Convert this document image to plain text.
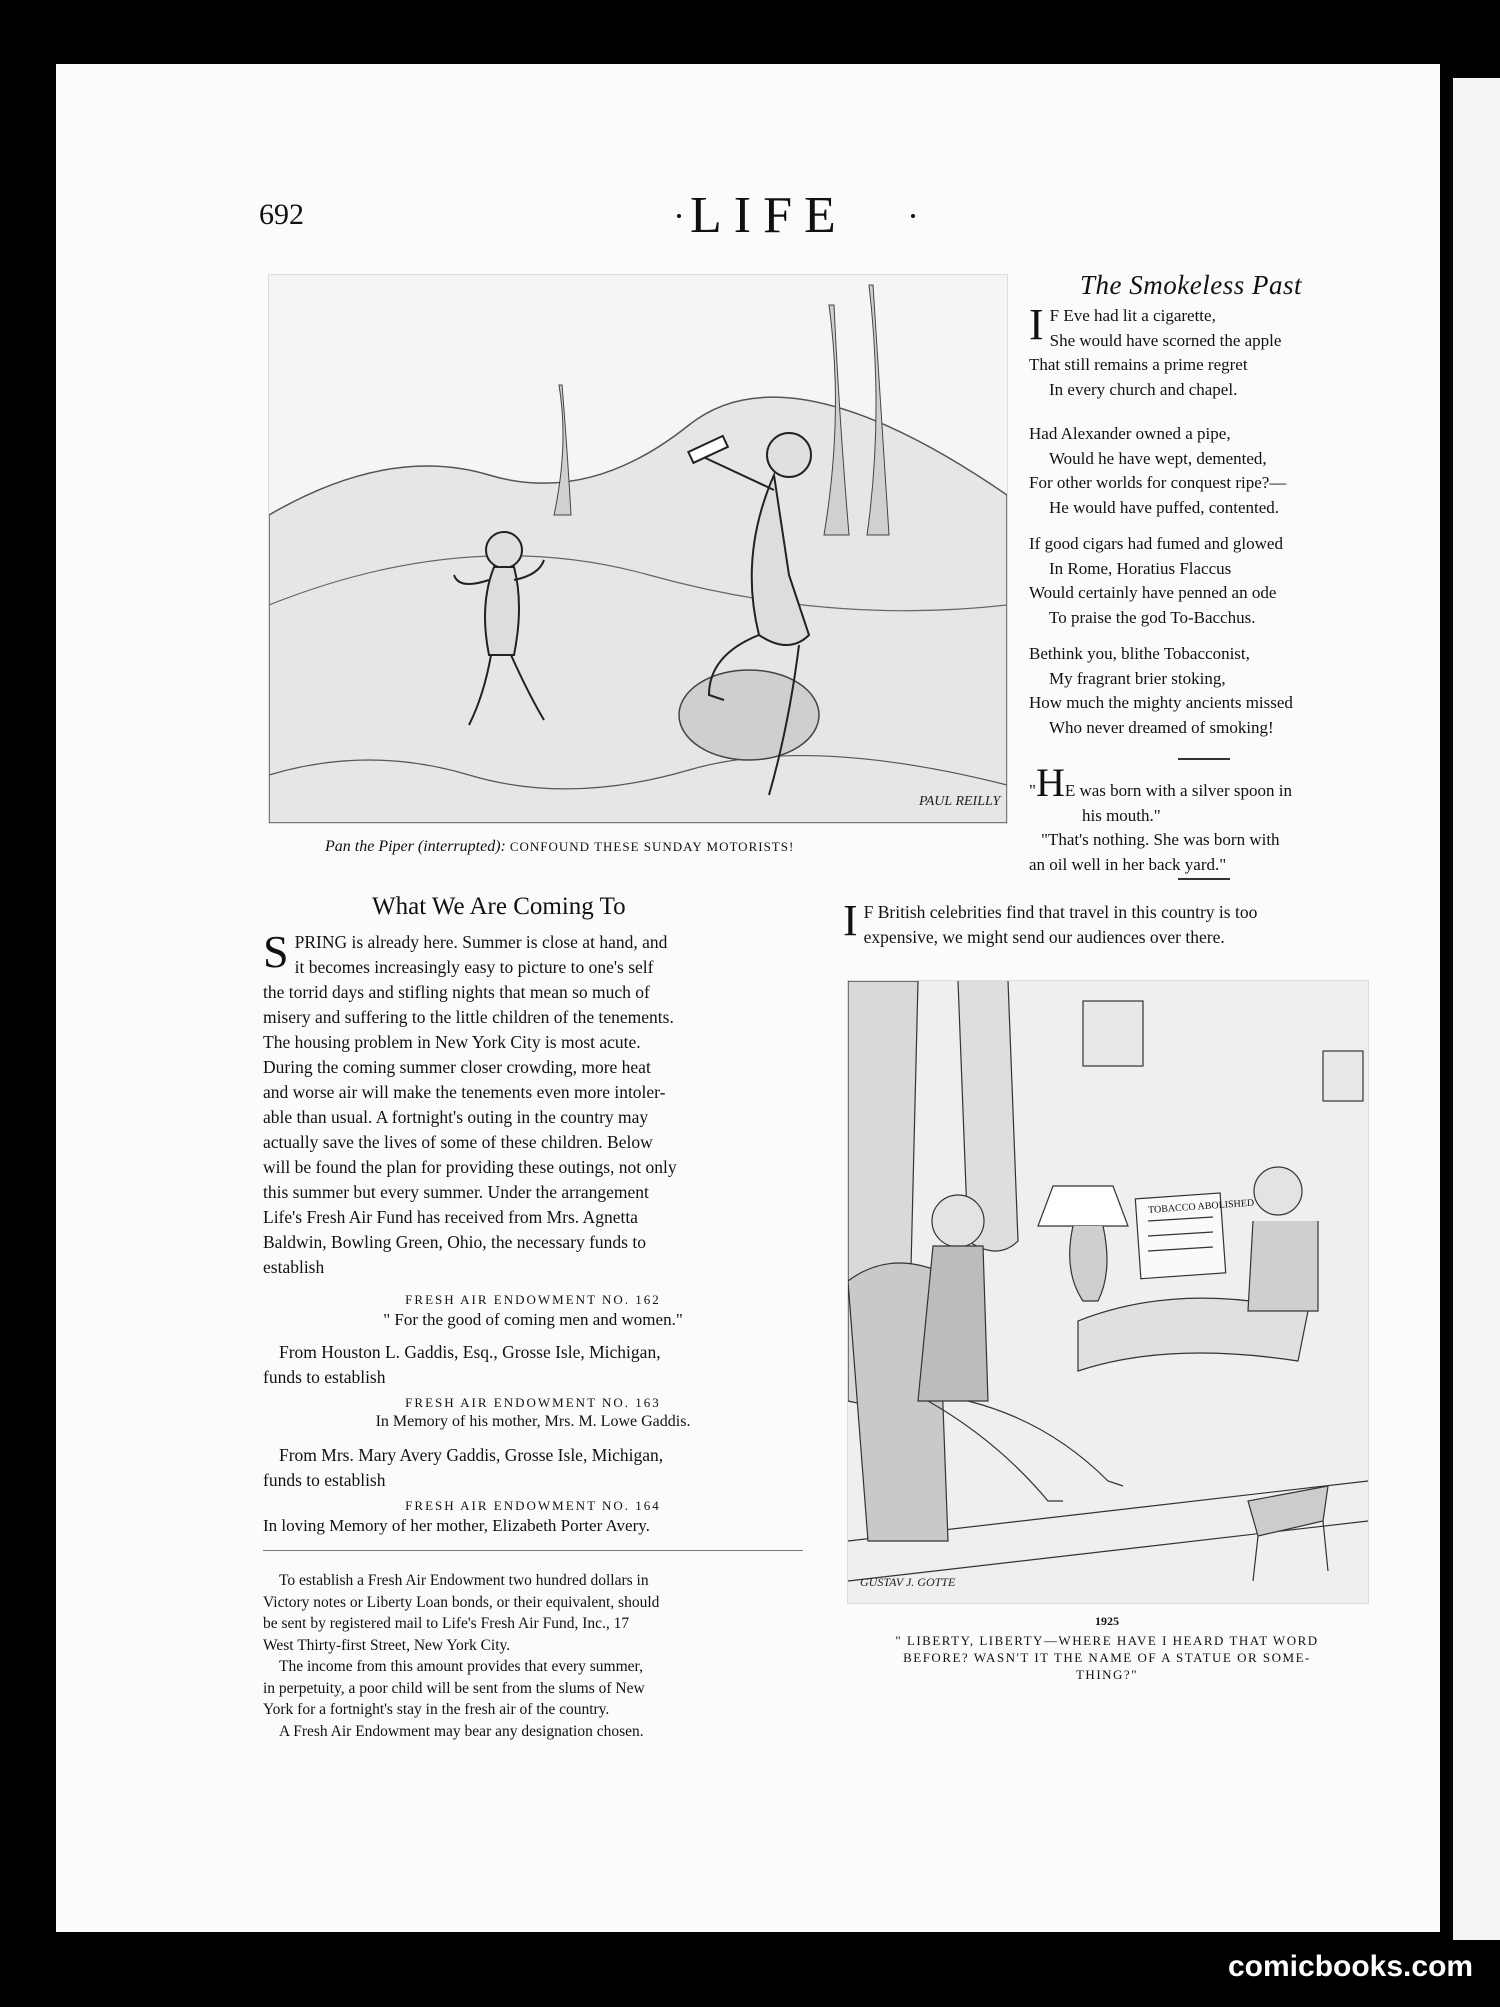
692	LIFE
PAUL REILLY
Pan the Piper (interrupted): CONFOUND THESE SUNDAY MOTORISTS!
The Smokeless Past
I F Eve had lit a cigarette,
She would have scorned the apple
That still remains a prime regret
In every church and chapel.
Had Alexander owned a pipe,
Would he have wept, demented,
For other worlds for conquest ripe?—
He would have puffed, contented.
If good cigars had fumed and glowed
In Rome, Horatius Flaccus
Would certainly have penned an ode
To praise the god To-Bacchus.
Bethink you, blithe Tobacconist,
My fragrant brier stoking,
How much the mighty ancients missed
Who never dreamed of smoking!
"HE was born with a silver spoon in
his mouth."
"That's nothing. She was born with
an oil well in her back yard."
I F British celebrities find that travel in this country is too
expensive, we might send our audiences over there.
TOBACCO ABOLISHED
GUSTAV J. GOTTE
1925
" LIBERTY, LIBERTY—WHERE HAVE I HEARD THAT WORD
BEFORE? WASN'T IT THE NAME OF A STATUE OR SOME-
THING?"
What We Are Coming To
S PRING is already here. Summer is close at hand, and
it becomes increasingly easy to picture to one's self
the torrid days and stifling nights that mean so much of
misery and suffering to the little children of the tenements.
The housing problem in New York City is most acute.
During the coming summer closer crowding, more heat
and worse air will make the tenements even more intoler-
able than usual. A fortnight's outing in the country may
actually save the lives of some of these children. Below
will be found the plan for providing these outings, not only
this summer but every summer. Under the arrangement
Life's Fresh Air Fund has received from Mrs. Agnetta
Baldwin, Bowling Green, Ohio, the necessary funds to
establish
FRESH AIR ENDOWMENT NO. 162
" For the good of coming men and women."
From Houston L. Gaddis, Esq., Grosse Isle, Michigan,
funds to establish
FRESH AIR ENDOWMENT NO. 163
In Memory of his mother, Mrs. M. Lowe Gaddis.
From Mrs. Mary Avery Gaddis, Grosse Isle, Michigan,
funds to establish
FRESH AIR ENDOWMENT NO. 164
In loving Memory of her mother, Elizabeth Porter Avery.
To establish a Fresh Air Endowment two hundred dollars in
Victory notes or Liberty Loan bonds, or their equivalent, should
be sent by registered mail to Life's Fresh Air Fund, Inc., 17
West Thirty-first Street, New York City.
The income from this amount provides that every summer,
in perpetuity, a poor child will be sent from the slums of New
York for a fortnight's stay in the fresh air of the country.
A Fresh Air Endowment may bear any designation chosen.
comicbooks.com
